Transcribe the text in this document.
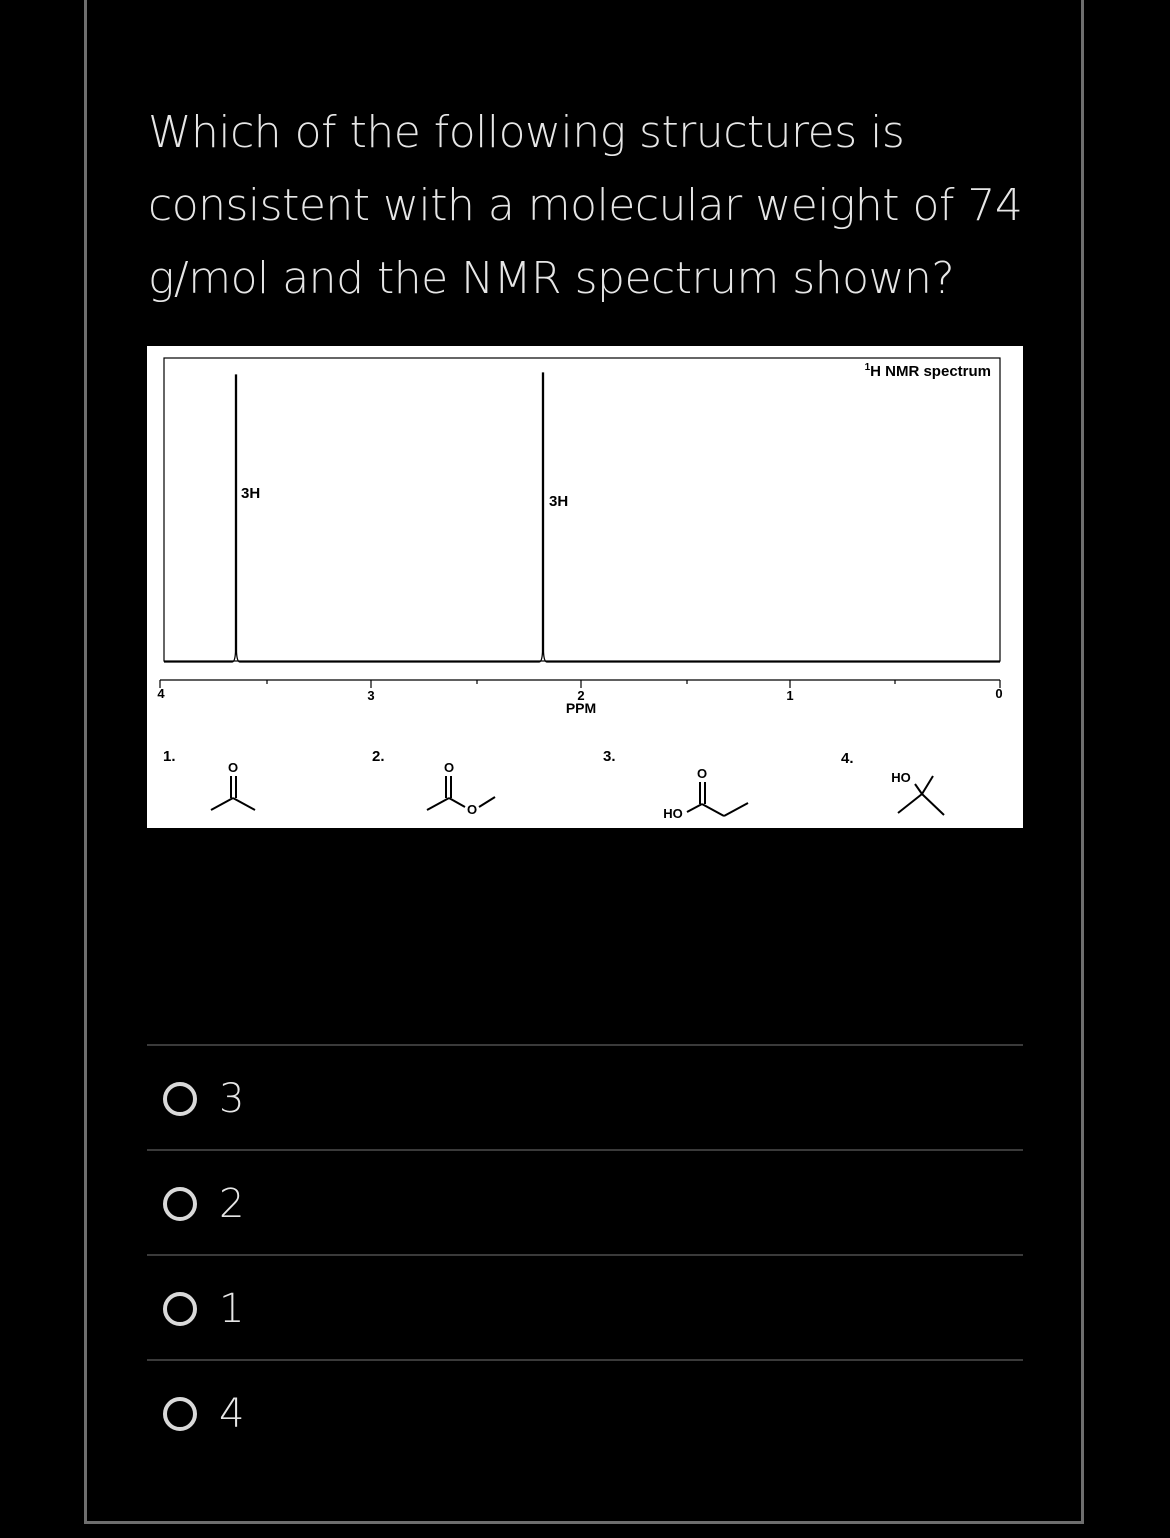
Which of the following structures is
consistent with a molecular weight of 74
g/mol and the NMR spectrum shown?
$^1$H NMR spectrum
3H	3H
4	3	2	1	0
PPM
1.
O
2.
O
O
3.
O
HO
4.
HO
3
2
1
4
